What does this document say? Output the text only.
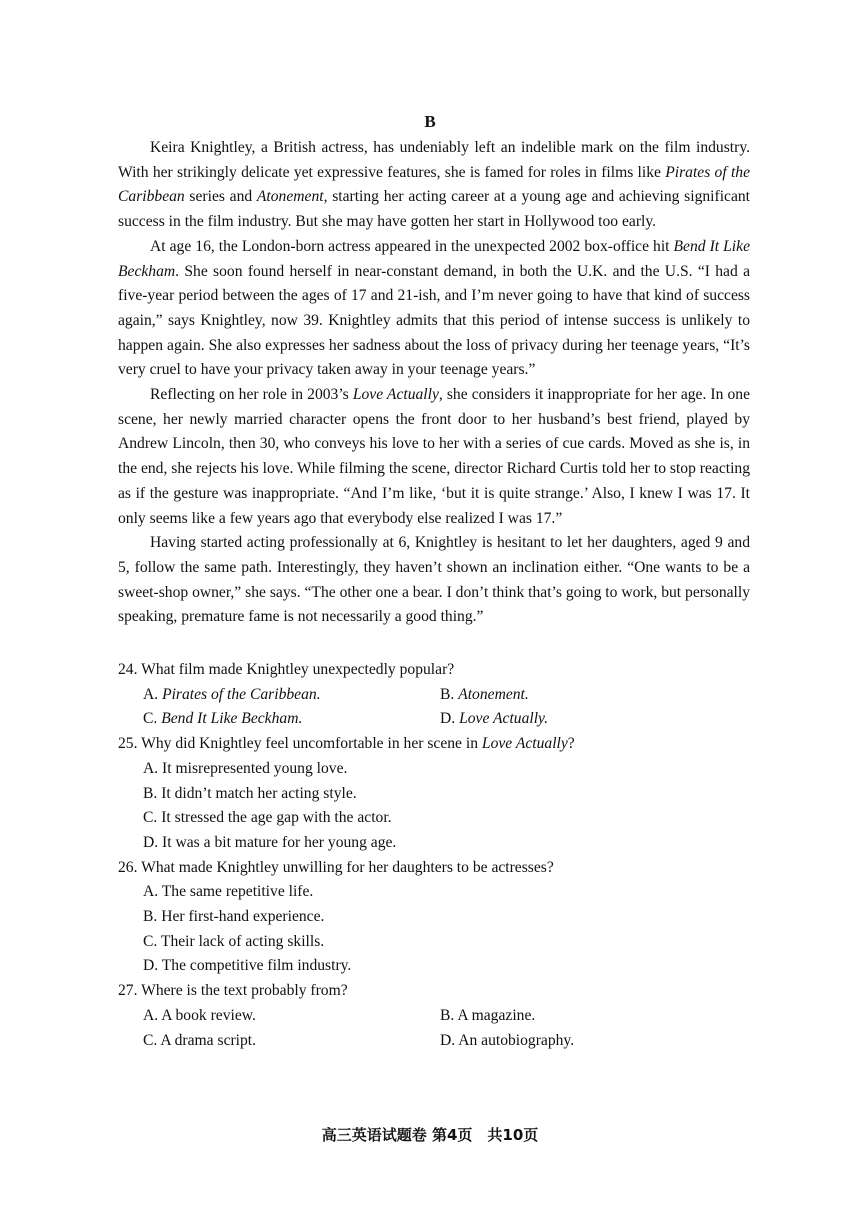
B

Keira Knightley, a British actress, has undeniably left an indelible mark on the film industry. With her strikingly delicate yet expressive features, she is famed for roles in films like Pirates of the Caribbean series and Atonement, starting her acting career at a young age and achieving significant success in the film industry. But she may have gotten her start in Hollywood too early.

At age 16, the London-born actress appeared in the unexpected 2002 box-office hit Bend It Like Beckham. She soon found herself in near-constant demand, in both the U.K. and the U.S. “I had a five-year period between the ages of 17 and 21-ish, and I’m never going to have that kind of success again,” says Knightley, now 39. Knightley admits that this period of intense success is unlikely to happen again. She also expresses her sadness about the loss of privacy during her teenage years, “It’s very cruel to have your privacy taken away in your teenage years.”

Reflecting on her role in 2003’s Love Actually, she considers it inappropriate for her age. In one scene, her newly married character opens the front door to her husband’s best friend, played by Andrew Lincoln, then 30, who conveys his love to her with a series of cue cards. Moved as she is, in the end, she rejects his love. While filming the scene, director Richard Curtis told her to stop reacting as if the gesture was inappropriate. “And I’m like, ‘but it is quite strange.’ Also, I knew I was 17. It only seems like a few years ago that everybody else realized I was 17.”

Having started acting professionally at 6, Knightley is hesitant to let her daughters, aged 9 and 5, follow the same path. Interestingly, they haven’t shown an inclination either. “One wants to be a sweet-shop owner,” she says. “The other one a bear. I don’t think that’s going to work, but personally speaking, premature fame is not necessarily a good thing.”

24. What film made Knightley unexpectedly popular?

A. Pirates of the Caribbean.	B. Atonement.

C. Bend It Like Beckham.	D. Love Actually.

25. Why did Knightley feel uncomfortable in her scene in Love Actually?

A. It misrepresented young love.

B. It didn’t match her acting style.

C. It stressed the age gap with the actor.

D. It was a bit mature for her young age.

26. What made Knightley unwilling for her daughters to be actresses?

A. The same repetitive life.

B. Her first-hand experience.

C. Their lack of acting skills.

D. The competitive film industry.

27. Where is the text probably from?

A. A book review.	B. A magazine.

C. A drama script.	D. An autobiography.

高三英语试题卷 第4页　共10页
